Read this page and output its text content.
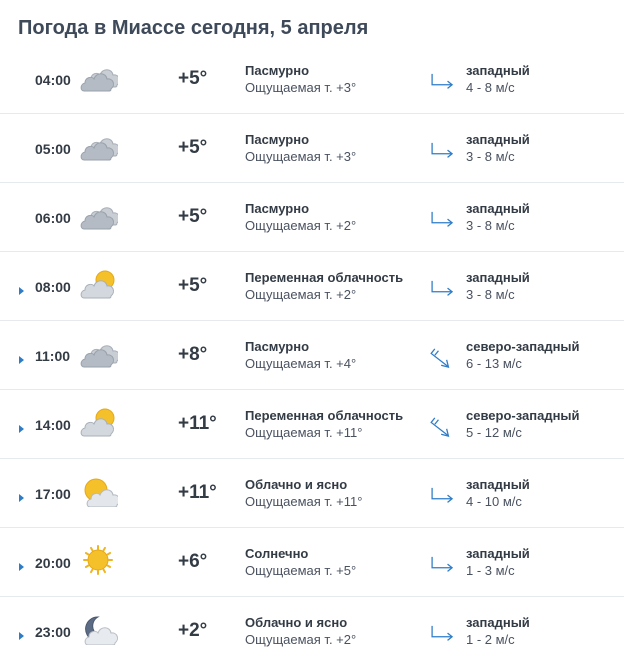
Погода в Миассе сегодня, 5 апреля
04:00	+5°	Пасмурно
Ощущаемая т. +3°
западный
4 - 8 м/с
05:00	+5°	Пасмурно
Ощущаемая т. +3°
западный
3 - 8 м/с
06:00	+5°	Пасмурно
Ощущаемая т. +2°
западный
3 - 8 м/с
08:00	+5°	Переменная облачность
Ощущаемая т. +2°
западный
3 - 8 м/с
11:00	+8°	Пасмурно
Ощущаемая т. +4°
северо-западный
6 - 13 м/с
14:00	+11° Переменная облачность
Ощущаемая т. +11°
северо-западный
5 - 12 м/с
17:00	+11° Облачно и ясно
Ощущаемая т. +11°
западный
4 - 10 м/с
20:00	+6°	Солнечно
Ощущаемая т. +5°
западный
1 - 3 м/с
23:00	+2°	Облачно и ясно
Ощущаемая т. +2°
западный
1 - 2 м/с
